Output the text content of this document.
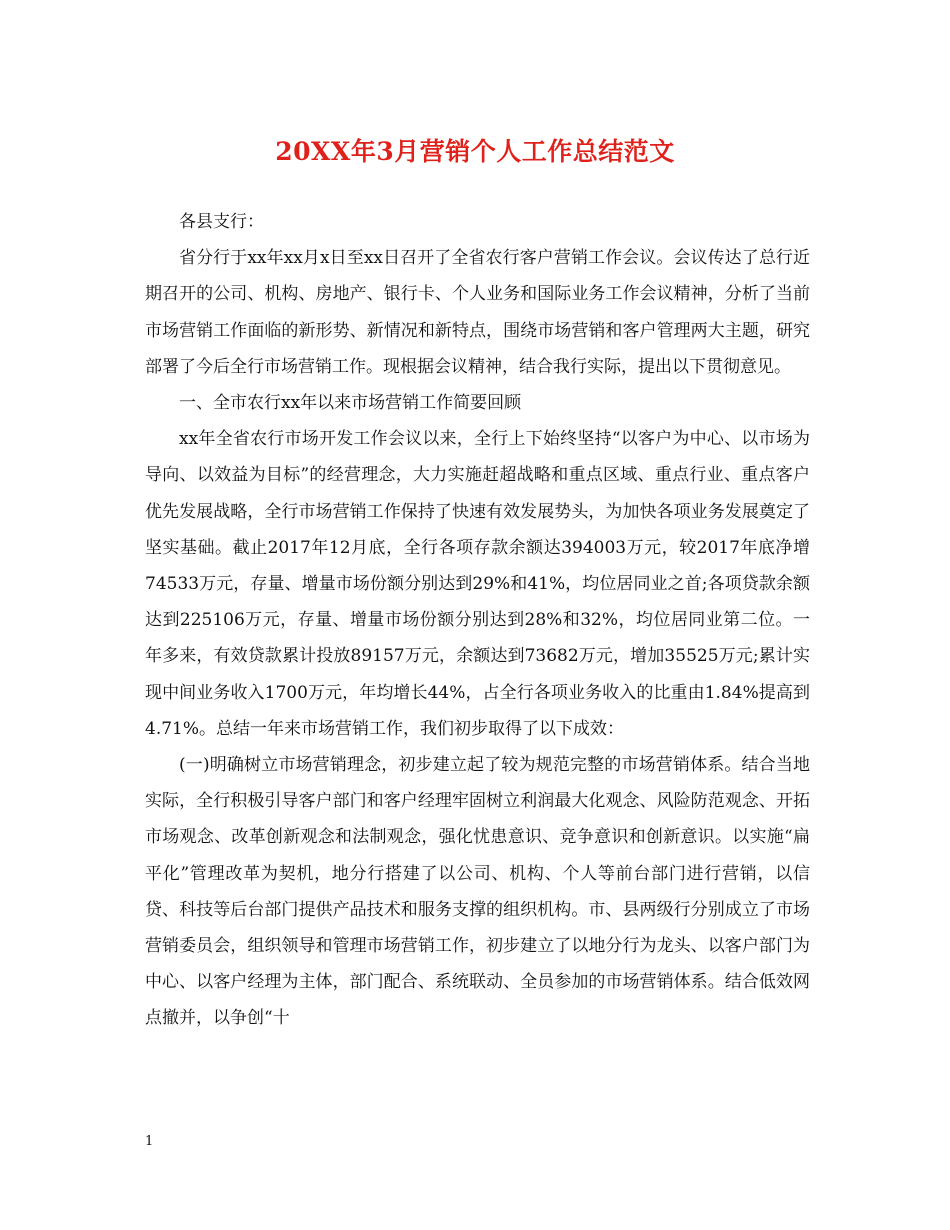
20XX年3月营销个人工作总结范文

各县支行：

省分行于xx年xx月x日至xx日召开了全省农行客户营销工作会议。会议传达了总行近期召开的公司、机构、房地产、银行卡、个人业务和国际业务工作会议精神，分析了当前市场营销工作面临的新形势、新情况和新特点，围绕市场营销和客户管理两大主题，研究部署了今后全行市场营销工作。现根据会议精神，结合我行实际，提出以下贯彻意见。

一、全市农行xx年以来市场营销工作简要回顾

xx年全省农行市场开发工作会议以来，全行上下始终坚持“以客户为中心、以市场为导向、以效益为目标”的经营理念，大力实施赶超战略和重点区域、重点行业、重点客户优先发展战略，全行市场营销工作保持了快速有效发展势头，为加快各项业务发展奠定了坚实基础。截止2017年12月底，全行各项存款余额达394003万元，较2017年底净增74533万元，存量、增量市场份额分别达到29%和41%，均位居同业之首;各项贷款余额达到225106万元，存量、增量市场份额分别达到28%和32%，均位居同业第二位。一年多来，有效贷款累计投放89157万元，余额达到73682万元，增加35525万元;累计实现中间业务收入1700万元，年均增长44%，占全行各项业务收入的比重由1.84%提高到4.71%。总结一年来市场营销工作，我们初步取得了以下成效：

(一)明确树立市场营销理念，初步建立起了较为规范完整的市场营销体系。结合当地实际，全行积极引导客户部门和客户经理牢固树立利润最大化观念、风险防范观念、开拓市场观念、改革创新观念和法制观念，强化忧患意识、竞争意识和创新意识。以实施“扁平化”管理改革为契机，地分行搭建了以公司、机构、个人等前台部门进行营销，以信贷、科技等后台部门提供产品技术和服务支撑的组织机构。市、县两级行分别成立了市场营销委员会，组织领导和管理市场营销工作，初步建立了以地分行为龙头、以客户部门为中心、以客户经理为主体，部门配合、系统联动、全员参加的市场营销体系。结合低效网点撤并，以争创“十

1
